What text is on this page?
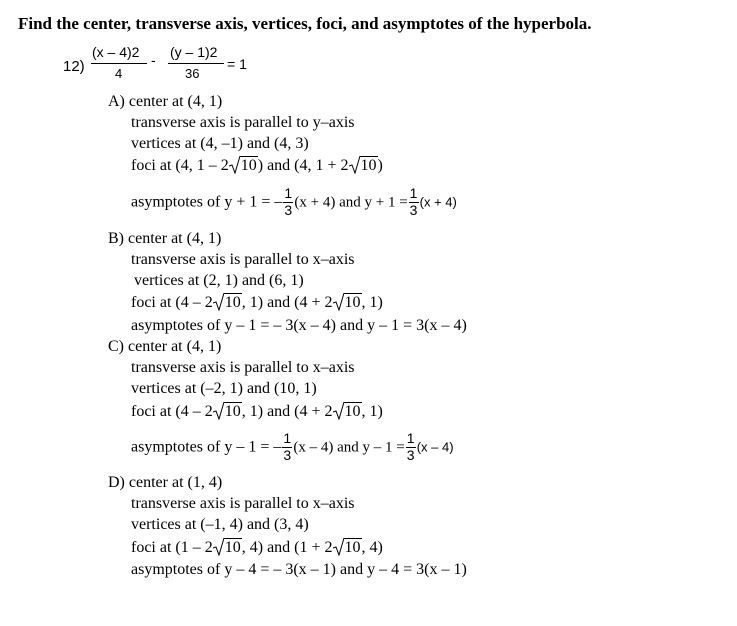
Find the center, transverse axis, vertices, foci, and asymptotes of the hyperbola.
12)
(x – 4)2
4
- (y – 1)2
36
= 1
A) center at (4, 1)
transverse axis is parallel to y–axis
vertices at (4, –1) and (4, 3)
foci at (4, 1 – 2 10) and (4, 1 + 2 10)
asymptotes of y + 1 = – $\frac{1}{3} (x + 4)$ and $y + 1 = \frac{1}{3} (x + 4)$
B) center at (4, 1)
transverse axis is parallel to x–axis
vertices at (2, 1) and (6, 1)
foci at (4 – 2 10, 1) and (4 + 2 10, 1)
asymptotes of y – 1 = – 3(x – 4) and y – 1 = 3(x – 4)
C) center at (4, 1)
transverse axis is parallel to x–axis
vertices at (–2, 1) and (10, 1)
foci at (4 – 2 10, 1) and (4 + 2 10, 1)
asymptotes of y – 1 = – $\frac{1}{3} (x - 4)$ and $y - 1 = \frac{1}{3} (x - 4)$
D) center at (1, 4)
transverse axis is parallel to x–axis
vertices at (–1, 4) and (3, 4)
foci at (1 – 2 10, 4) and (1 + 2 10, 4)
asymptotes of y – 4 = – 3(x – 1) and y – 4 = 3(x – 1)
